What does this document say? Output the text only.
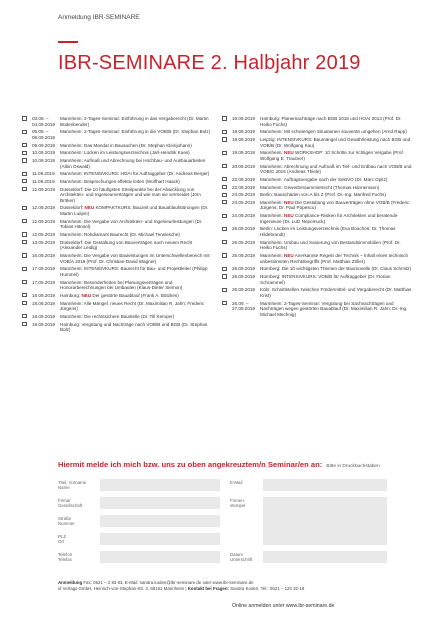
Anmeldung IBR-SEMINARE
IBR-SEMINARE 2. Halbjahr 2019
03.09. –
04.09.2019
Mannheim: 2-Tages-Seminar: Einführung in das Vergaberecht (Dr. Martin Büdenbender)
05.09. –
06.09.2019
Mannheim: 2-Tages-Seminar: Einführung in die VOB/B (Dr. Stephan Bolz)
09.09.2019	Mannheim: Das Mandat in Bausachen (Dr. Stephan Kleinjohann)
10.09.2019	Mannheim: Lücken im Leistungsverzeichnis (Jarl-Hendrik Kues)
10.09.2019	Mannheim: Aufmaß und Abrechnung bei Hochbau- und Ausbauarbeiten (Albin Oswald)
11.09.2019	Mannheim: INTENSIVKURS: HOAI für Auftraggeber (Dr. Andreas Berger)
11.09.2019	Mannheim: Besprechungen effektiv leiten (Wolfhart Haack)
12.09.2019	Düsseldorf: Die 10 häufigsten Streitpunkte bei der Abwicklung von Architekten- und Ingenieurverträgen und wie man sie vermeidet (Jörn Bröker)
12.09.2019	Düsseldorf: NEU KOMPAKTKURS: Bauzeit und Bauablaufstörungen (Dr. Martin Luitjen)
12.09.2019	Mannheim: Die Vergabe von Architekten- und Ingenieurleistungen (Dr. Tobias Hänsel)
12.09.2019	Mannheim: Rohdiamant Baurecht (Dr. Michael Terwiesche)
13.09.2019	Düsseldorf: Die Gestaltung von Bauverträgen nach neuem Recht (Alexander Leidig)
16.09.2019	Mannheim: Die Vergabe von Bauleistungen im Unterschwellenbereich mit VOB/A 2019 (Prof. Dr. Christian-David Wagner)
17.09.2019	Mannheim: INTENSIVKURS: Baurecht für Bau- und Projektleiter (Philipp Hummel)
17.09.2019	Mannheim: Besonderheiten bei Planungsverträgen und Honorarberechnungen bei Umbauten (Klaus-Dieter Siemon)
18.09.2019	Hamburg: NEU Der gestörte Bauablauf (Frank A. Bötzkes)
18.09.2019	Mannheim: Alle Mängel, neues Recht (Dr. Maximilian R. Jahn; Frederic Jürgens)
18.09.2019	Mannheim: Die rechtssichere Baustelle (Dr. Till Kemper)
19.09.2019	Hamburg: Vergütung und Nachträge nach VOB/B und BGB (Dr. Stephan Bolz)
19.09.2019	Hamburg: Planernachträge nach BGB 2018 und HOAI 2013 (Prof. Dr. Heiko Fuchs)
19.09.2019	Mannheim: Mit schwierigen Situationen souverän umgehen (Arnd Rapp)
19.09.2019	Leipzig: INTENSIVKURS: Baumängel und Gewährleistung nach BGB und VOB/B (Dr. Wolfgang Kau)
19.09.2019	Mannheim: NEU WORKSHOP: 10 Schritte zur richtigen Vergabe (Prof. Wolfgang E. Trautner)
20.09.2019	Mannheim: Abrechnung und Aufmaß im Tief- und Erdbau nach VOB/B und VOB/C 2016 (Andreas Thiele)
23.09.2019	Mannheim: Auftragsvergabe nach der SektVO (Dr. Marc Opitz)
23.09.2019	Mannheim: Gewerberaummietrecht (Thomas Hannemann)
24.09.2019	Berlin: Bauschäden von A bis Z (Prof. Dr.-Ing. Manfred Fuchs)
24.09.2019	Mannheim: NEU Die Gestaltung von Bauverträgen ohne VOB/B (Frederic Jürgens; Dr. Paul Popescu)
24.09.2019	Mannheim: NEU Compliance-Risiken für Architekten und beratende Ingenieure (Dr. Lutz Nepomuck)
25.09.2019	Berlin: Lücken im Leistungsverzeichnis (Eva Bouchon; Dr. Thomas Hildebrandt)
25.09.2019	Mannheim: Umbau und Sanierung von Bestandsimmobilien (Prof. Dr. Heiko Fuchs)
25.09.2019	Mannheim: NEU Anerkannte Regeln der Technik – Inhalt eines technisch unbestimmten Rechtsbegriffs (Prof. Matthias Zöller)
25.09.2019	Nürnberg: Die 10 wichtigsten Themen der Baumovelle (Dr. Claus Schmitz)
25.09.2019	Nürnberg: INTENSIVKURS: VOB/B für Auftraggeber (Dr. Florian Schrammel)
26.09.2019	Köln: Schnittstellen zwischen Fördermittel- und Vergaberecht (Dr. Matthias Krist)
26.09. –
27.09.2019
Mannheim: 2-Tages-Seminar: Vergütung bei Sachnachträgen und Nachträgen wegen gestörten Bauablauf (Dr. Maximilian R. Jahn; Dr.-Ing. Michael Mechnig)
Hiermit melde ich mich bzw. uns zu oben angekreuztem/n Seminar/en an: Bitte in Druckbuchstaben
Titel, Vorname
Name
E-Mail
Firma/
Gesellschaft
Firmen-
stempel
Straße
Nummer
PLZ
Ort
Telefon
Telefax
Datum
Unterschrift
Anmeldung Fax: 0621 – 2 83 83, E-Mail: sandra.koden@ibr-seminare.de oder www.ibr-seminare.de
id Verlags GmbH, Heinrich-von-Stephan-Str. 3, 68161 Mannheim | Kontakt bei Fragen: Sandra Koden, Tel.: 0621 – 120 32-18
Online anmelden unter www.ibr-seminare.de
